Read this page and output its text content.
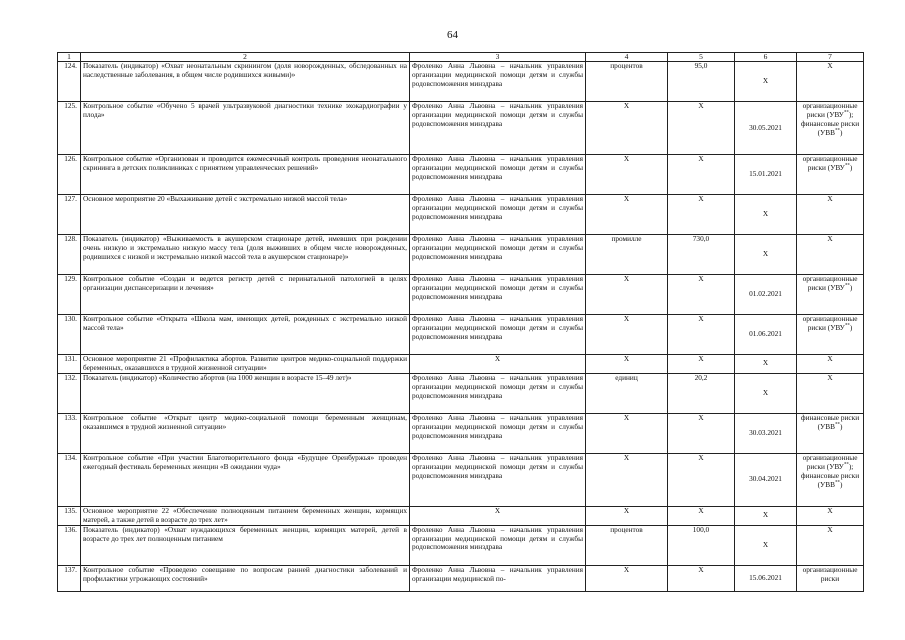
64
1	2	3	4	5	6	7
124.	Показатель (индикатор) «Охват неонатальным скринингом (доля новорожденных, обследованных на наследственные заболевания, в общем числе родившихся живыми)»	Фроленко Анна Львовна – начальник управления организации медицинской помощи детям и службы родовспоможения минздрава	процентов	95,0	X	X
125.	Контрольное событие «Обучено 5 врачей ультразвуковой диагностики технике эхокардиографии у плода»	Фроленко Анна Львовна – начальник управления организации медицинской помощи детям и службы родовспоможения минздрава	X	X	30.05.2021	организационные риски (УВУ**); финансовые риски (УВВ**)
126.	Контрольное событие «Организован и проводится ежемесячный контроль проведения неонатального скрининга в детских поликлиниках с принятием управленческих решений»	Фроленко Анна Львовна – начальник управления организации медицинской помощи детям и службы родовспоможения минздрава	X	X	15.01.2021	организационные риски (УВУ**)
127.	Основное мероприятие 20 «Выхаживание детей с экстремально низкой массой тела»	Фроленко Анна Львовна – начальник управления организации медицинской помощи детям и службы родовспоможения минздрава	X	X	X	X
128.	Показатель (индикатор) «Выживаемость в акушерском стационаре детей, имевших при рождении очень низкую и экстремально низкую массу тела (доля выживших в общем числе новорожденных, родившихся с низкой и экстремально низкой массой тела в акушерском стационаре)»	Фроленко Анна Львовна – начальник управления организации медицинской помощи детям и службы родовспоможения минздрава	промилле	730,0	X	X
129.	Контрольное событие «Создан и ведется регистр детей с перинатальной патологией в целях организации диспансеризации и лечения»	Фроленко Анна Львовна – начальник управления организации медицинской помощи детям и службы родовспоможения минздрава	X	X	01.02.2021	организационные риски (УВУ**)
130.	Контрольное событие «Открыта «Школа мам, имеющих детей, рожденных с экстремально низкой массой тела»	Фроленко Анна Львовна – начальник управления организации медицинской помощи детям и службы родовспоможения минздрава	X	X	01.06.2021	организационные риски (УВУ**)
131.	Основное мероприятие 21 «Профилактика абортов. Развитие центров медико-социальной поддержки беременных, оказавшихся в трудной жизненной ситуации»	X	X	X	X	X
132.	Показатель (индикатор) «Количество абортов (на 1000 женщин в возрасте 15–49 лет)»	Фроленко Анна Львовна – начальник управления организации медицинской помощи детям и службы родовспоможения минздрава	единиц	20,2	X	X
133.	Контрольное событие «Открыт центр медико-социальной помощи беременным женщинам, оказавшимся в трудной жизненной ситуации»	Фроленко Анна Львовна – начальник управления организации медицинской помощи детям и службы родовспоможения минздрава	X	X	30.03.2021	финансовые риски (УВВ**)
134.	Контрольное событие «При участии Благотворительного фонда «Будущее Оренбуржья» проведен ежегодный фестиваль беременных женщин «В ожидании чуда»	Фроленко Анна Львовна – начальник управления организации медицинской помощи детям и службы родовспоможения минздрава	X	X	30.04.2021	организационные риски (УВУ**); финансовые риски (УВВ**)
135.	Основное мероприятие 22 «Обеспечение полноценным питанием беременных женщин, кормящих матерей, а также детей в возрасте до трех лет»	X	X	X	X	X
136.	Показатель (индикатор) «Охват нуждающихся беременных женщин, кормящих матерей, детей в возрасте до трех лет полноценным питанием	Фроленко Анна Львовна – начальник управления организации медицинской помощи детям и службы родовспоможения минздрава	процентов	100,0	X	X
137.	Контрольное событие «Проведено совещание по вопросам ранней диагностики заболеваний и профилактики угрожающих состояний»	Фроленко Анна Львовна – начальник управления организации медицинской по-	X	X	15.06.2021	организационные риски
